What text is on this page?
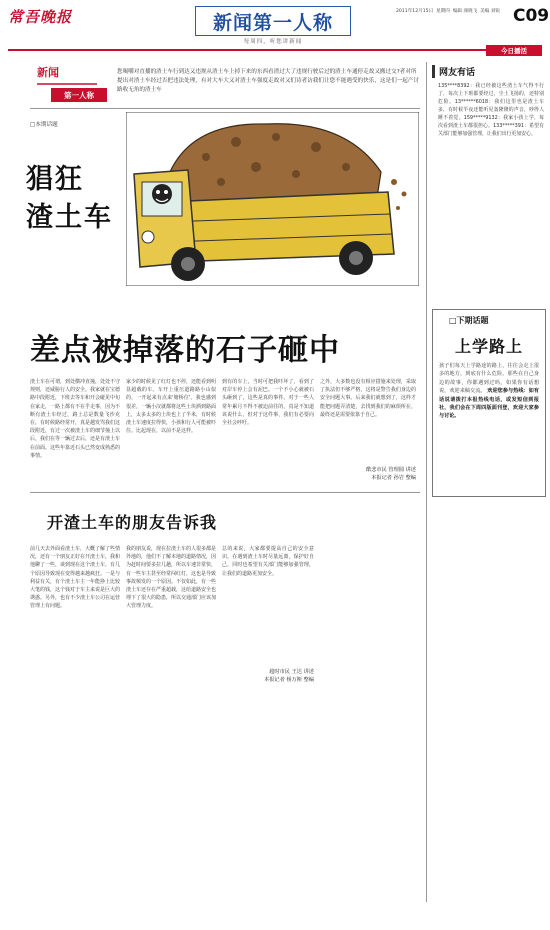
常吾晚报	新闻第一人称
每周四，听您讲新闻
2011年12月15日 星期四 编辑 颜晓飞 美编 刘锐 C09
今日播活
新闻
第一人称
您喝嚼对直播的渣土车行到达又违规从渣土车上掉下来的东西看渣过大了违规行驶后过的渣土车通停走故又搬过交?者对所提出对渣土车经过否把违法处理，有对大车大又对渣土车强度走故对又们诗者访我们让您不能遇受的快乐，这是们一起产讨路收无角的渣土车
□本期话题
猖狂
渣土车
差点被掉落的石子砸中
渣土车在可谓，到处横冲直撞，处处不守规则，还威胁行人的安全。我家就在宝德路中段附近，下班去等车和开会碰见中旬在家走，一路上都有不在乎走事，因为不断有渣土车经过，路上总是数量飞沙克在，有时候路经常开，真是越发骂我们这段附近，有过一次被渣土车的细节撞上以后，我们在等一辆过去后，还是有渣土车在前面。这些年靠近石头已然变成熟悉的事情。
家少的时候见了红灯也不停，还能看到明显超载的车。车开上重压道路路小山似的，一开起来有点来'塘桥位'。我也感到很差，一辆小汉就都将这些土块洒到路面上，太多太多的土块也上了半米，有时候渣土车速度拉得快，小孩和行人可能被吓住。比起现在，以前不是这样。
到有的车上，当时可把我吓坏了，看到了对岸车停上会有泥巴。一个不小心就被石头砸到了，这些是真的事件。对于一些人常年累月不得不被迫前往的，真是不知道该说什么，但对于这件事，我们有必要向全社会呼吁。
之外，大多数也没有相应措施来处理，采取了执法但不够严格，这将是警告我们身边的安全问题大事。后来我们就想到了，这样才能把问题弄清楚，去找到我们的麻烦所在，最终还是需要依靠于自己。
酷悲市民 管理圆 讲述
本报记者 孙岩 整编
开渣土车的朋友告诉我
前几天去外面看渣土车，大概了解了些情况，还有一个朋友正好在开渣土车，我和他聊了一些，谈到现在这个渣土车，有几个原因导致现在变得越来越疯狂。一是与利益有关，有个渣土车主一年能挣上比较大笔的钱，这个钱对于车主来说是巨大的诱惑。另外，也有不少渣土车公司在运营管理上有问题。
我的朋友说，现在拉渣土车的人很多都是外地的，他们不了解本地的道路情况，因为赶时间要多拉几趟，所以车速非常快，有一些车主甚至经常闯红灯，这也是导致事故频发的一个原因。不仅如此，有一些渣土车还存在严重超载，这给道路安全也埋下了很大的隐患，所以交通部门应该加大管理力度。
总的来说，大家都要提高自己的安全意识，在遇到渣土车时尽量远离，保护好自己，同时也希望有关部门能够加强管理，让我们的道路更加安全。
超时市民 王达 讲述
本报记者 杨万斯 整编
网友有话
135****8392：我已经被这些渣土车气得不行了，每次上下班都要经过，尘土飞扬的，还特别危险。13******6018：我们这里也是渣土车多，有时候半夜还能听见轰隆隆的声音，吵得人睡不着觉。159*****9132：我家小孩上学，每次看到渣土车都很担心。133*****391：希望有关部门能够加强管理，让我们出行更加安心。
□下期话题
上学路上
孩子们每天上学路途的路上，往往会走上很多的地方，到底有什么危险。那些在自己身边的故事，你都遇到过吗，如果你有话想说，欢迎来稿交流。 欢迎您参与热线：如有话说请拨打本报热线电话，或发短信到报社，我们会在下周四版面刊登，欢迎大家参与讨论。
